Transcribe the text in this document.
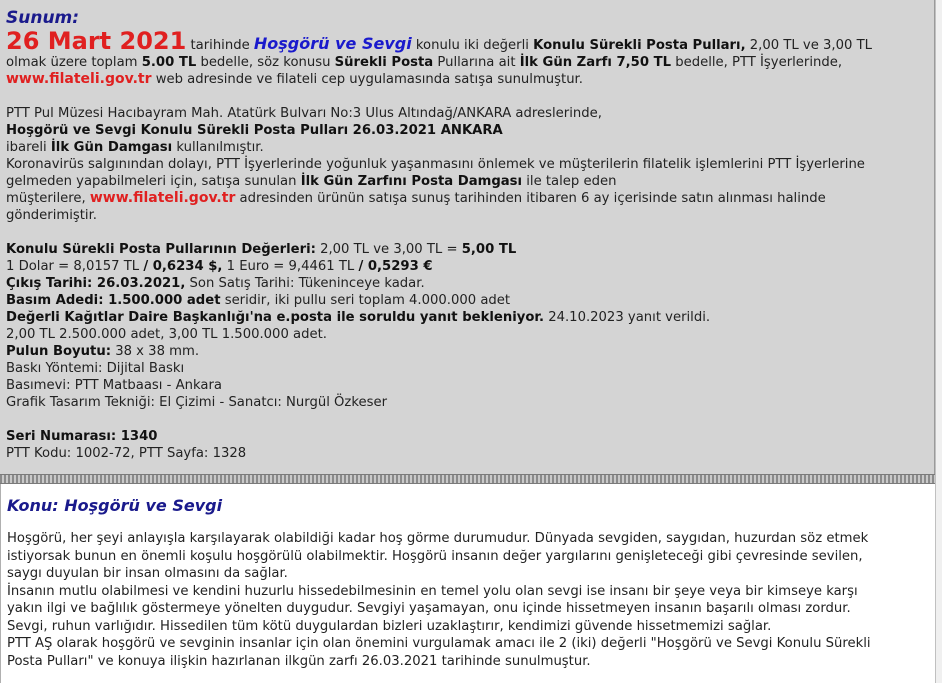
Sunum:
26 Mart 2021 tarihinde Hoşgörü ve Sevgi konulu iki değerli Konulu Sürekli Posta Pulları, 2,00 TL ve 3,00 TL
olmak üzere toplam 5.00 TL bedelle, söz konusu Sürekli Posta Pullarına ait İlk Gün Zarfı 7,50 TL bedelle, PTT İşyerlerinde,
www.filateli.gov.tr web adresinde ve filateli cep uygulamasında satışa sunulmuştur.
PTT Pul Müzesi Hacıbayram Mah. Atatürk Bulvarı No:3 Ulus Altındağ/ANKARA adreslerinde,
Hoşgörü ve Sevgi Konulu Sürekli Posta Pulları 26.03.2021 ANKARA
ibareli İlk Gün Damgası kullanılmıştır.
Koronavirüs salgınından dolayı, PTT İşyerlerinde yoğunluk yaşanmasını önlemek ve müşterilerin filatelik işlemlerini PTT İşyerlerine
gelmeden yapabilmeleri için, satışa sunulan İlk Gün Zarfını Posta Damgası ile talep eden
müşterilere, www.filateli.gov.tr adresinden ürünün satışa sunuş tarihinden itibaren 6 ay içerisinde satın alınması halinde
gönderimiştir.
Konulu Sürekli Posta Pullarının Değerleri: 2,00 TL ve 3,00 TL = 5,00 TL
1 Dolar = 8,0157 TL / 0,6234 $, 1 Euro = 9,4461 TL / 0,5293 €
Çıkış Tarihi: 26.03.2021, Son Satış Tarihi: Tükeninceye kadar.
Basım Adedi: 1.500.000 adet seridir, iki pullu seri toplam 4.000.000 adet
Değerli Kağıtlar Daire Başkanlığı'na e.posta ile soruldu yanıt bekleniyor. 24.10.2023 yanıt verildi.
2,00 TL 2.500.000 adet, 3,00 TL 1.500.000 adet.
Pulun Boyutu: 38 x 38 mm.
Baskı Yöntemi: Dijital Baskı
Basımevi: PTT Matbaası - Ankara
Grafik Tasarım Tekniği: El Çizimi - Sanatcı: Nurgül Özkeser
Seri Numarası: 1340
PTT Kodu: 1002-72, PTT Sayfa: 1328
Konu: Hoşgörü ve Sevgi
Hoşgörü, her şeyi anlayışla karşılayarak olabildiği kadar hoş görme durumudur. Dünyada sevgiden, saygıdan, huzurdan söz etmek
istiyorsak bunun en önemli koşulu hoşgörülü olabilmektir. Hoşgörü insanın değer yargılarını genişleteceği gibi çevresinde sevilen,
saygı duyulan bir insan olmasını da sağlar.
İnsanın mutlu olabilmesi ve kendini huzurlu hissedebilmesinin en temel yolu olan sevgi ise insanı bir şeye veya bir kimseye karşı
yakın ilgi ve bağlılık göstermeye yönelten duygudur. Sevgiyi yaşamayan, onu içinde hissetmeyen insanın başarılı olması zordur.
Sevgi, ruhun varlığıdır. Hissedilen tüm kötü duygulardan bizleri uzaklaştırır, kendimizi güvende hissetmemizi sağlar.
PTT AŞ olarak hoşgörü ve sevginin insanlar için olan önemini vurgulamak amacı ile 2 (iki) değerli "Hoşgörü ve Sevgi Konulu Sürekli
Posta Pulları" ve konuya ilişkin hazırlanan ilkgün zarfı 26.03.2021 tarihinde sunulmuştur.
